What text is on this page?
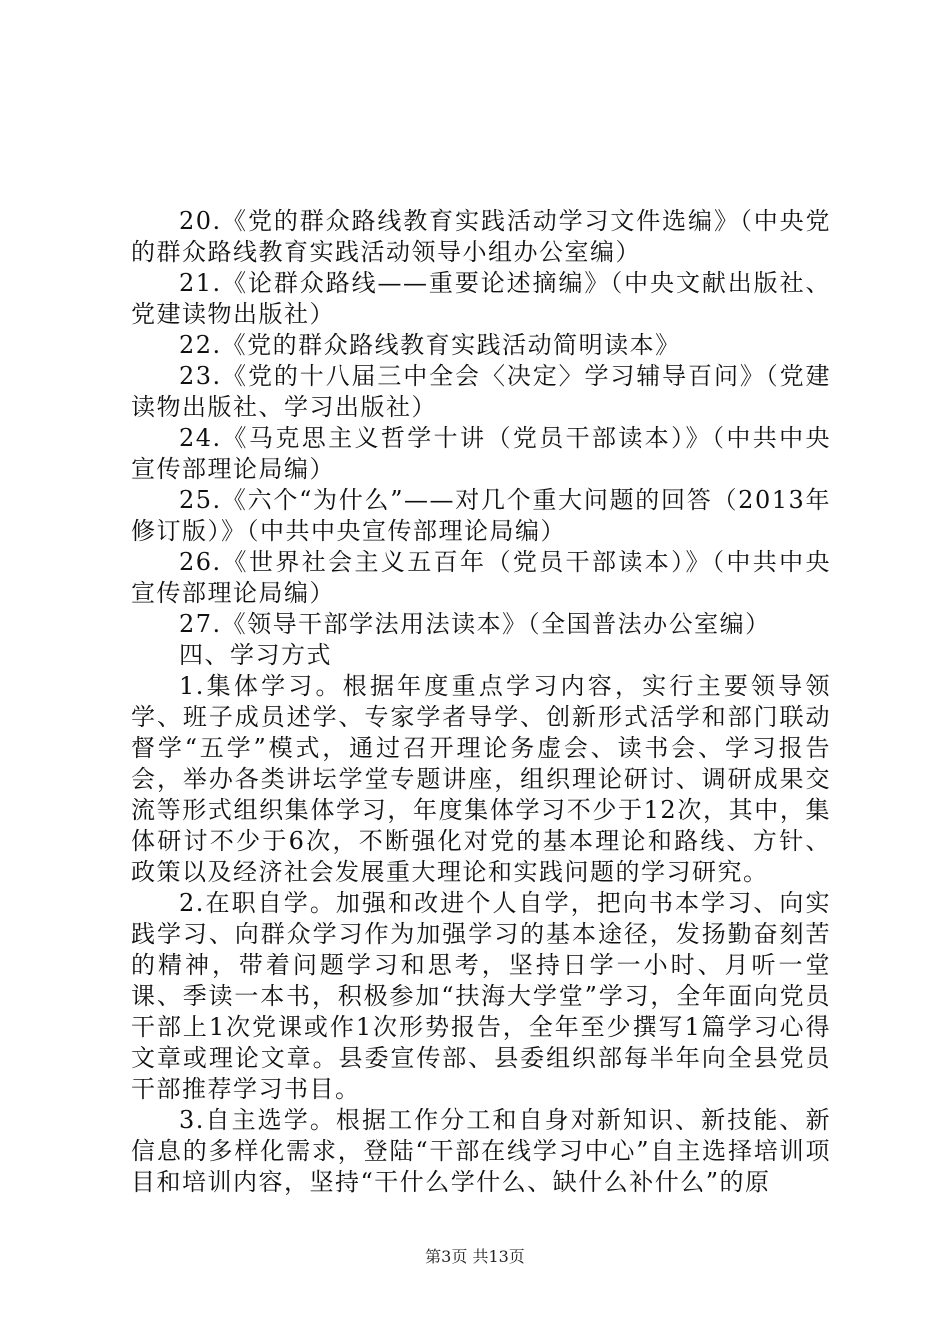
20.《党的群众路线教育实践活动学习文件选编》（中央党的群众路线教育实践活动领导小组办公室编）

21.《论群众路线——重要论述摘编》（中央文献出版社、党建读物出版社）

22.《党的群众路线教育实践活动简明读本》

23.《党的十八届三中全会〈决定〉学习辅导百问》（党建读物出版社、学习出版社）

24.《马克思主义哲学十讲（党员干部读本）》（中共中央宣传部理论局编）

25.《六个“为什么”——对几个重大问题的回答（2013年修订版）》（中共中央宣传部理论局编）

26.《世界社会主义五百年（党员干部读本）》（中共中央宣传部理论局编）

27.《领导干部学法用法读本》（全国普法办公室编）

四、学习方式

1.集体学习。根据年度重点学习内容，实行主要领导领学、班子成员述学、专家学者导学、创新形式活学和部门联动督学“五学”模式，通过召开理论务虚会、读书会、学习报告会，举办各类讲坛学堂专题讲座，组织理论研讨、调研成果交流等形式组织集体学习，年度集体学习不少于12次，其中，集体研讨不少于6次，不断强化对党的基本理论和路线、方针、政策以及经济社会发展重大理论和实践问题的学习研究。

2.在职自学。加强和改进个人自学，把向书本学习、向实践学习、向群众学习作为加强学习的基本途径，发扬勤奋刻苦的精神，带着问题学习和思考，坚持日学一小时、月听一堂课、季读一本书，积极参加“扶海大学堂”学习，全年面向党员干部上1次党课或作1次形势报告，全年至少撰写1篇学习心得文章或理论文章。县委宣传部、县委组织部每半年向全县党员干部推荐学习书目。

3.自主选学。根据工作分工和自身对新知识、新技能、新信息的多样化需求，登陆“干部在线学习中心”自主选择培训项目和培训内容，坚持“干什么学什么、缺什么补什么”的原

第3页 共13页
